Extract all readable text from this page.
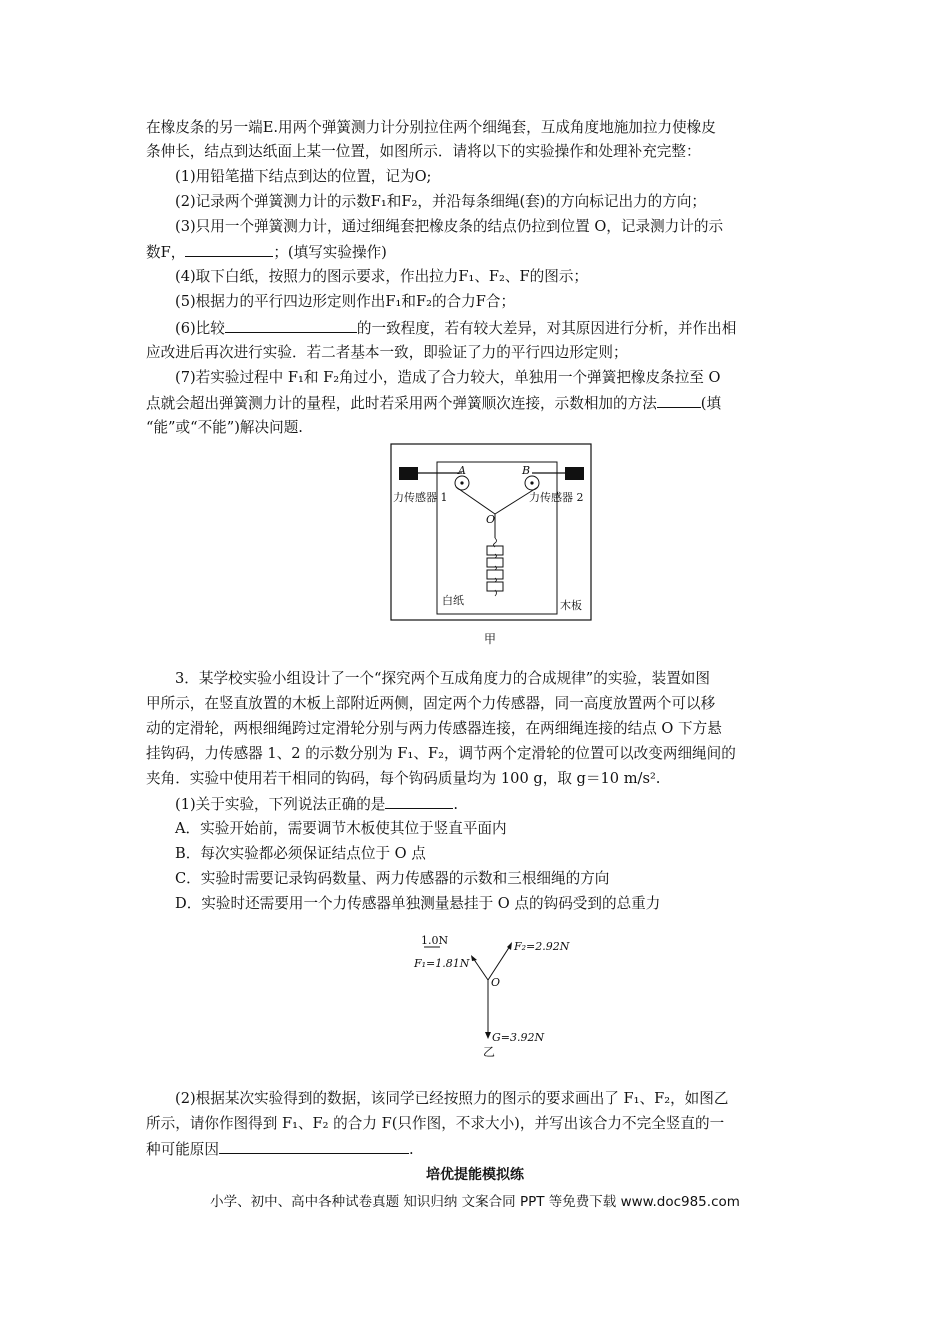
在橡皮条的另一端E.用两个弹簧测力计分别拉住两个细绳套，互成角度地施加拉力使橡皮
条伸长，结点到达纸面上某一位置，如图所示．请将以下的实验操作和处理补充完整：
(1)用铅笔描下结点到达的位置，记为O;
(2)记录两个弹簧测力计的示数F₁和F₂，并沿每条细绳(套)的方向标记出力的方向；
(3)只用一个弹簧测力计，通过细绳套把橡皮条的结点仍拉到位置 O，记录测力计的示
数F，	；(填写实验操作)
(4)取下白纸，按照力的图示要求，作出拉力F₁、F₂、F的图示；
(5)根据力的平行四边形定则作出F₁和F₂的合力F合；
(6)比较	的一致程度，若有较大差异，对其原因进行分析，并作出相
应改进后再次进行实验．若二者基本一致，即验证了力的平行四边形定则；
(7)若实验过程中 F₁和 F₂角过小，造成了合力较大，单独用一个弹簧把橡皮条拉至 O
点就会超出弹簧测力计的量程，此时若采用两个弹簧顺次连接，示数相加的方法	(填
“能”或“不能”)解决问题.
A	B
O
力传感器 1	力传感器 2
白纸	木板
甲
3．某学校实验小组设计了一个“探究两个互成角度力的合成规律”的实验，装置如图
甲所示，在竖直放置的木板上部附近两侧，固定两个力传感器，同一高度放置两个可以移
动的定滑轮，两根细绳跨过定滑轮分别与两力传感器连接，在两细绳连接的结点 O 下方悬
挂钩码，力传感器 1、2 的示数分别为 F₁、F₂，调节两个定滑轮的位置可以改变两细绳间的
夹角．实验中使用若干相同的钩码，每个钩码质量均为 100 g，取 g＝10 m/s².
(1)关于实验，下列说法正确的是	.
A．实验开始前，需要调节木板使其位于竖直平面内
B．每次实验都必须保证结点位于 O 点
C．实验时需要记录钩码数量、两力传感器的示数和三根细绳的方向
D．实验时还需要用一个力传感器单独测量悬挂于 O 点的钩码受到的总重力
1.0N
F₁=1.81N
F₂=2.92N
O
G=3.92N
乙
(2)根据某次实验得到的数据，该同学已经按照力的图示的要求画出了 F₁、F₂，如图乙
所示，请你作图得到 F₁、F₂ 的合力 F(只作图，不求大小)，并写出该合力不完全竖直的一
种可能原因	.
培优提能模拟练
小学、初中、高中各种试卷真题 知识归纳 文案合同 PPT 等免费下载 www.doc985.com
